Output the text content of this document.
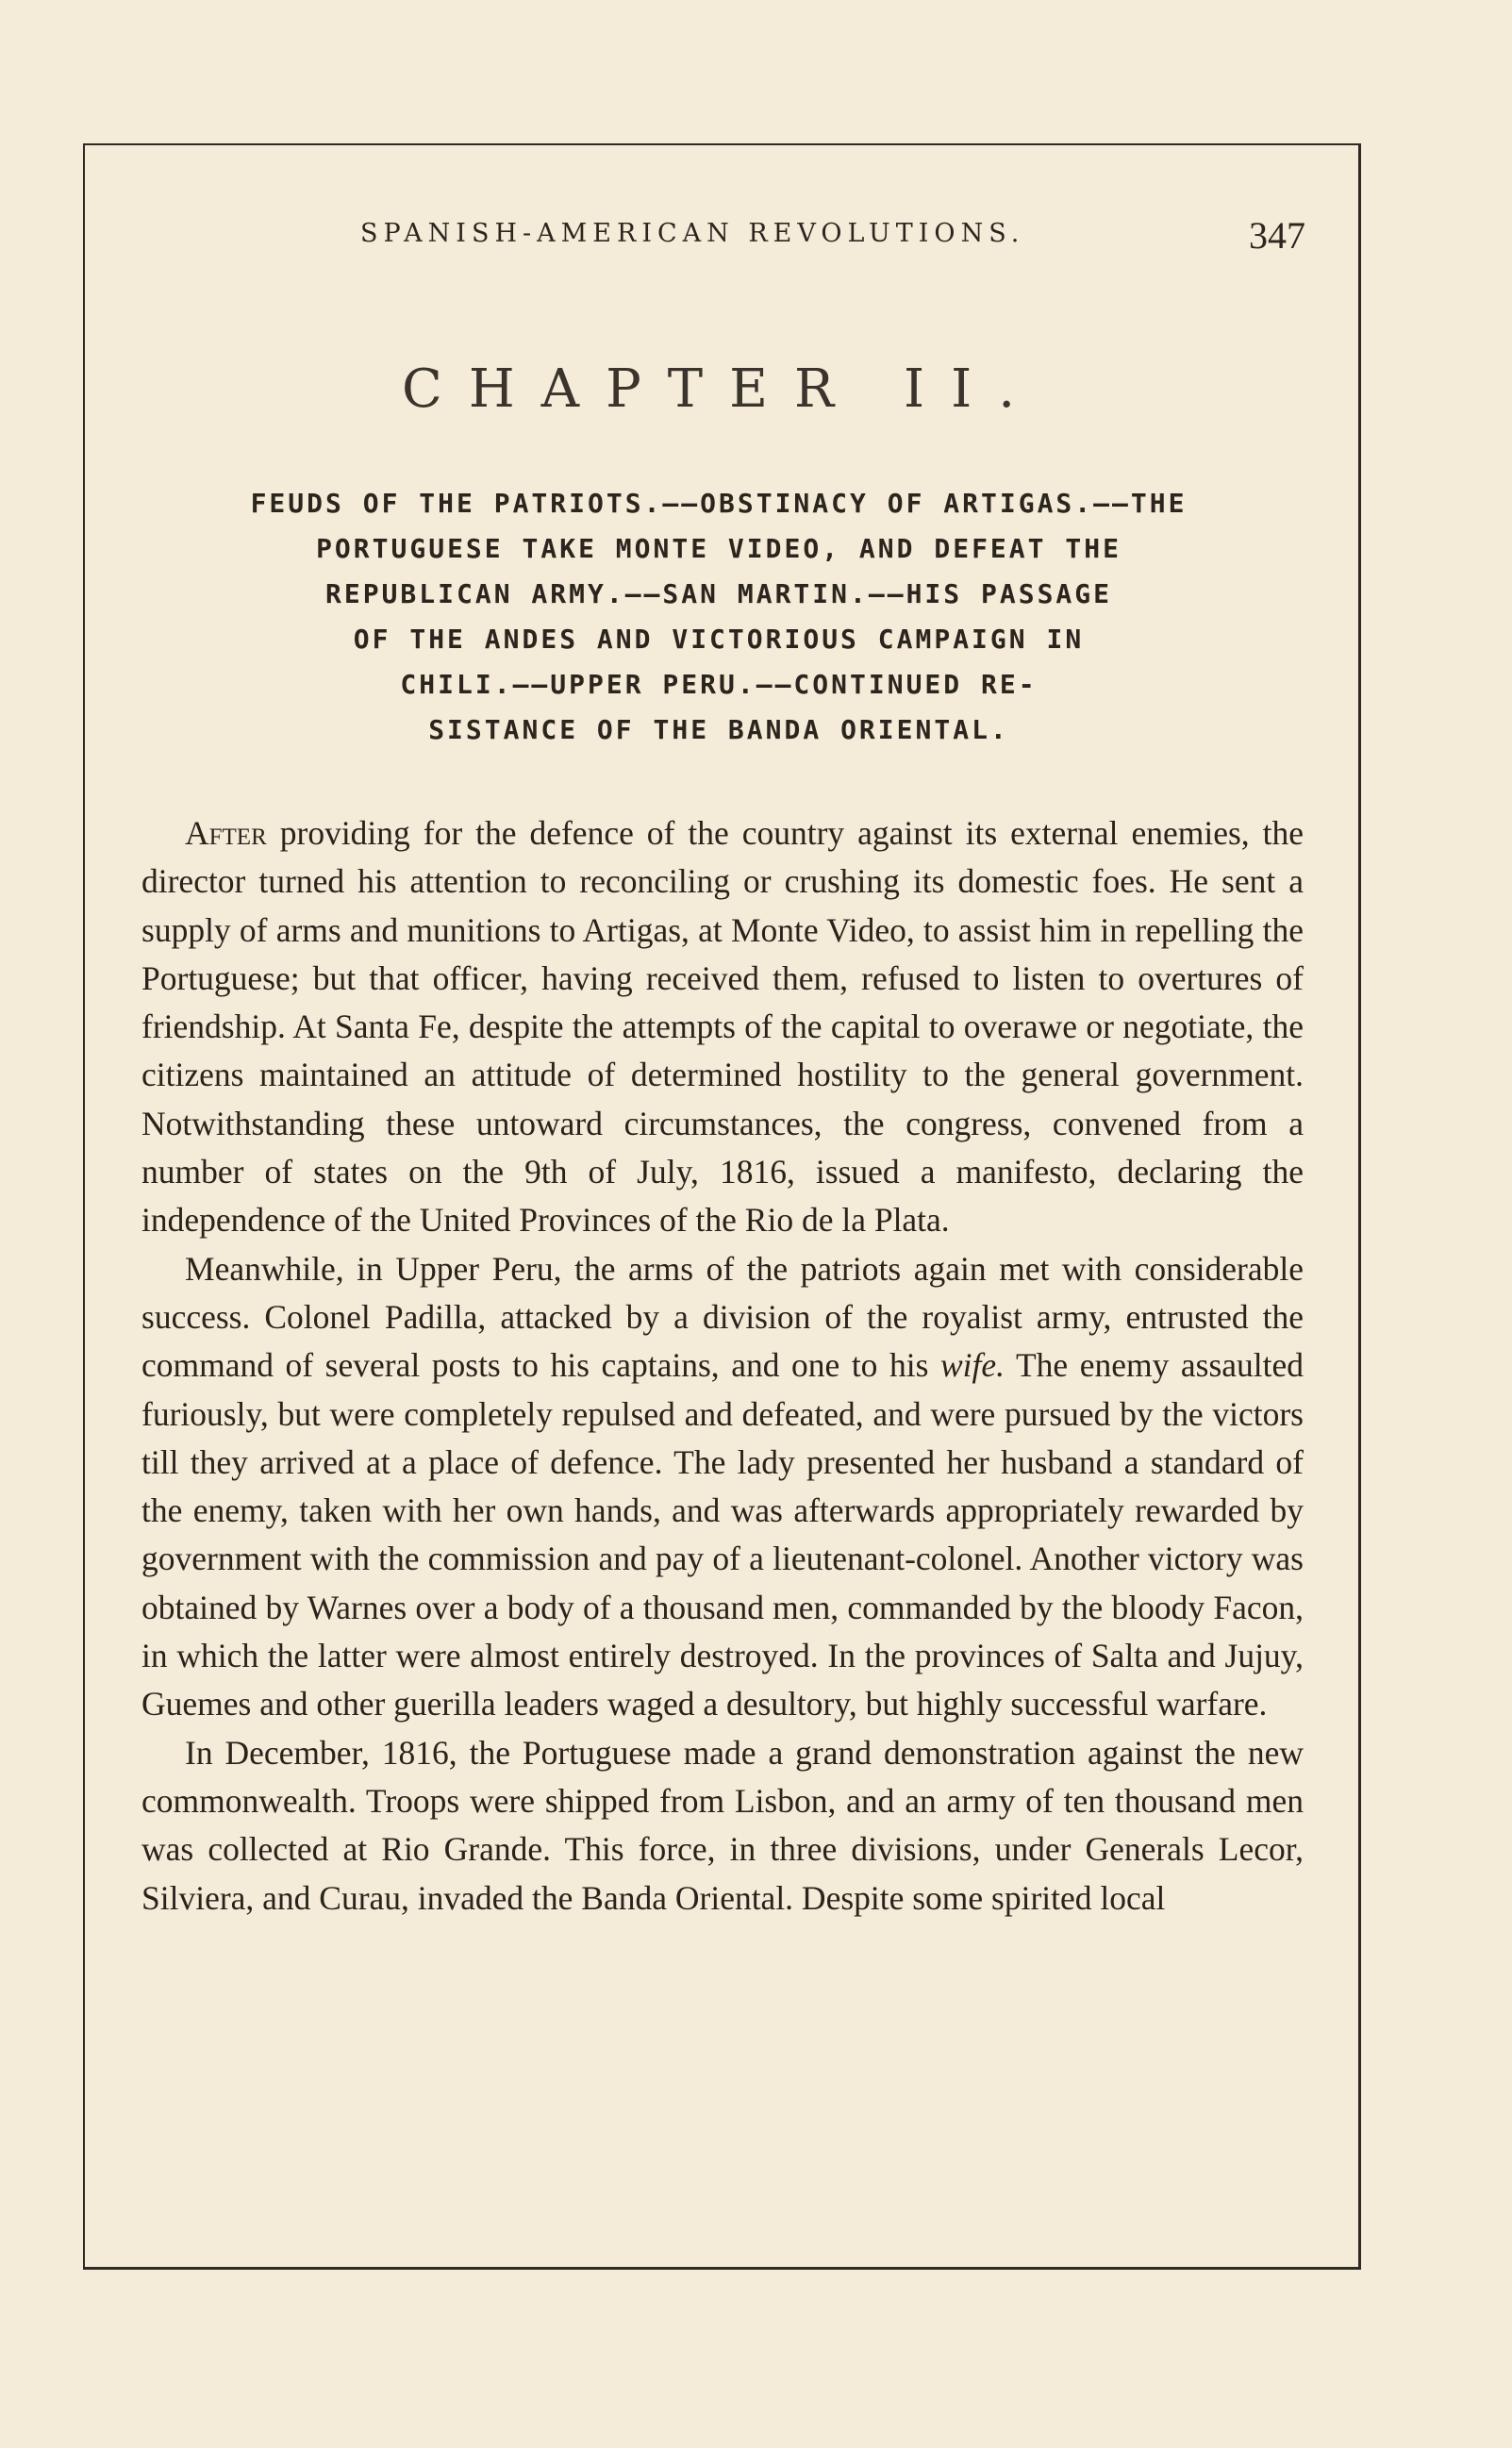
SPANISH-AMERICAN REVOLUTIONS.	347
CHAPTER II.
FEUDS OF THE PATRIOTS.——OBSTINACY OF ARTIGAS.——THE
PORTUGUESE TAKE MONTE VIDEO, AND DEFEAT THE
REPUBLICAN ARMY.——SAN MARTIN.——HIS PASSAGE
OF THE ANDES AND VICTORIOUS CAMPAIGN IN
CHILI.——UPPER PERU.——CONTINUED RE-
SISTANCE OF THE BANDA ORIENTAL.

After providing for the defence of the country against its external enemies, the director turned his attention to reconciling or crushing its domestic foes. He sent a supply of arms and munitions to Artigas, at Monte Video, to assist him in repelling the Portuguese; but that officer, having received them, refused to listen to overtures of friendship. At Santa Fe, despite the attempts of the capital to overawe or negotiate, the citizens maintained an attitude of determined hostility to the general government. Notwithstanding these untoward circumstances, the congress, convened from a number of states on the 9th of July, 1816, issued a manifesto, declaring the independence of the United Provinces of the Rio de la Plata.

Meanwhile, in Upper Peru, the arms of the patriots again met with considerable success. Colonel Padilla, attacked by a division of the royalist army, entrusted the command of several posts to his captains, and one to his wife. The enemy assaulted furiously, but were completely repulsed and defeated, and were pursued by the victors till they arrived at a place of defence. The lady presented her husband a standard of the enemy, taken with her own hands, and was afterwards appropriately rewarded by government with the commission and pay of a lieutenant-colonel. Another victory was obtained by Warnes over a body of a thousand men, commanded by the bloody Facon, in which the latter were almost entirely destroyed. In the provinces of Salta and Jujuy, Guemes and other guerilla leaders waged a desultory, but highly successful warfare.

In December, 1816, the Portuguese made a grand demonstration against the new commonwealth. Troops were shipped from Lisbon, and an army of ten thousand men was collected at Rio Grande. This force, in three divisions, under Generals Lecor, Silviera, and Curau, invaded the Banda Oriental. Despite some spirited local
